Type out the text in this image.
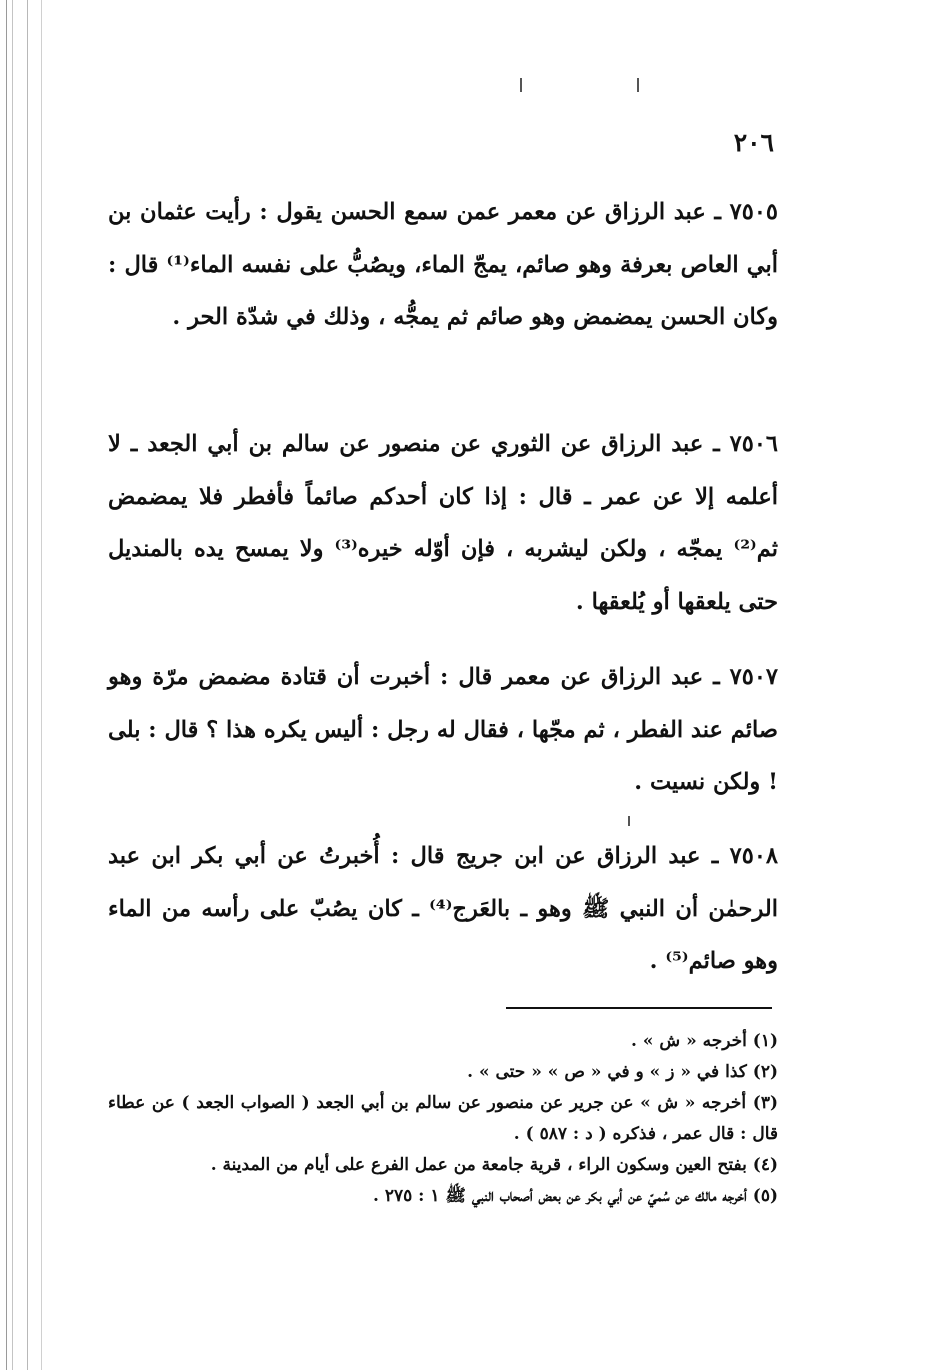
٢٠٦
٧٥٠٥ ـ عبد الرزاق عن معمر عمن سمع الحسن يقول : رأيت عثمان بن أبي العاص بعرفة وهو صائم، يمجّ الماء، ويصُبُّ على نفسه الماء⁽¹⁾ قال : وكان الحسن يمضمض وهو صائم ثم يمجُّه ، وذلك في شدّة الحر .
٧٥٠٦ ـ عبد الرزاق عن الثوري عن منصور عن سالم بن أبي الجعد ـ لا أعلمه إلا عن عمر ـ قال : إذا كان أحدكم صائماً فأفطر فلا يمضمض ثم⁽²⁾ يمجّه ، ولكن ليشربه ، فإن أوّله خيره⁽³⁾ ولا يمسح يده بالمنديل حتى يلعقها أو يُلعقها .
٧٥٠٧ ـ عبد الرزاق عن معمر قال : أخبرت أن قتادة مضمض مرّة وهو صائم عند الفطر ، ثم مجّها ، فقال له رجل : أليس يكره هذا ؟ قال : بلى ! ولكن نسيت .
٧٥٠٨ ـ عبد الرزاق عن ابن جريج قال : أُخبرتُ عن أبي بكر ابن عبد الرحمٰن أن النبي ﷺ وهو ـ بالعَرج⁽⁴⁾ ـ كان يصُبّ على رأسه من الماء وهو صائم⁽⁵⁾ .
(١) أخرجه « ش » .
(٢) كذا في « ز » و في « ص » « حتى » .
(٣) أخرجه « ش » عن جرير عن منصور عن سالم بن أبي الجعد ( الصواب الجعد ) عن عطاء قال : قال عمر ، فذكره ( د : ٥٨٧ ) .
(٤) بفتح العين وسكون الراء ، قرية جامعة من عمل الفرع على أيام من المدينة .
(٥) أخرجه مالك عن سُميّ عن أبي بكر عن بعض أصحاب النبي ﷺ ١ : ٢٧٥ .
